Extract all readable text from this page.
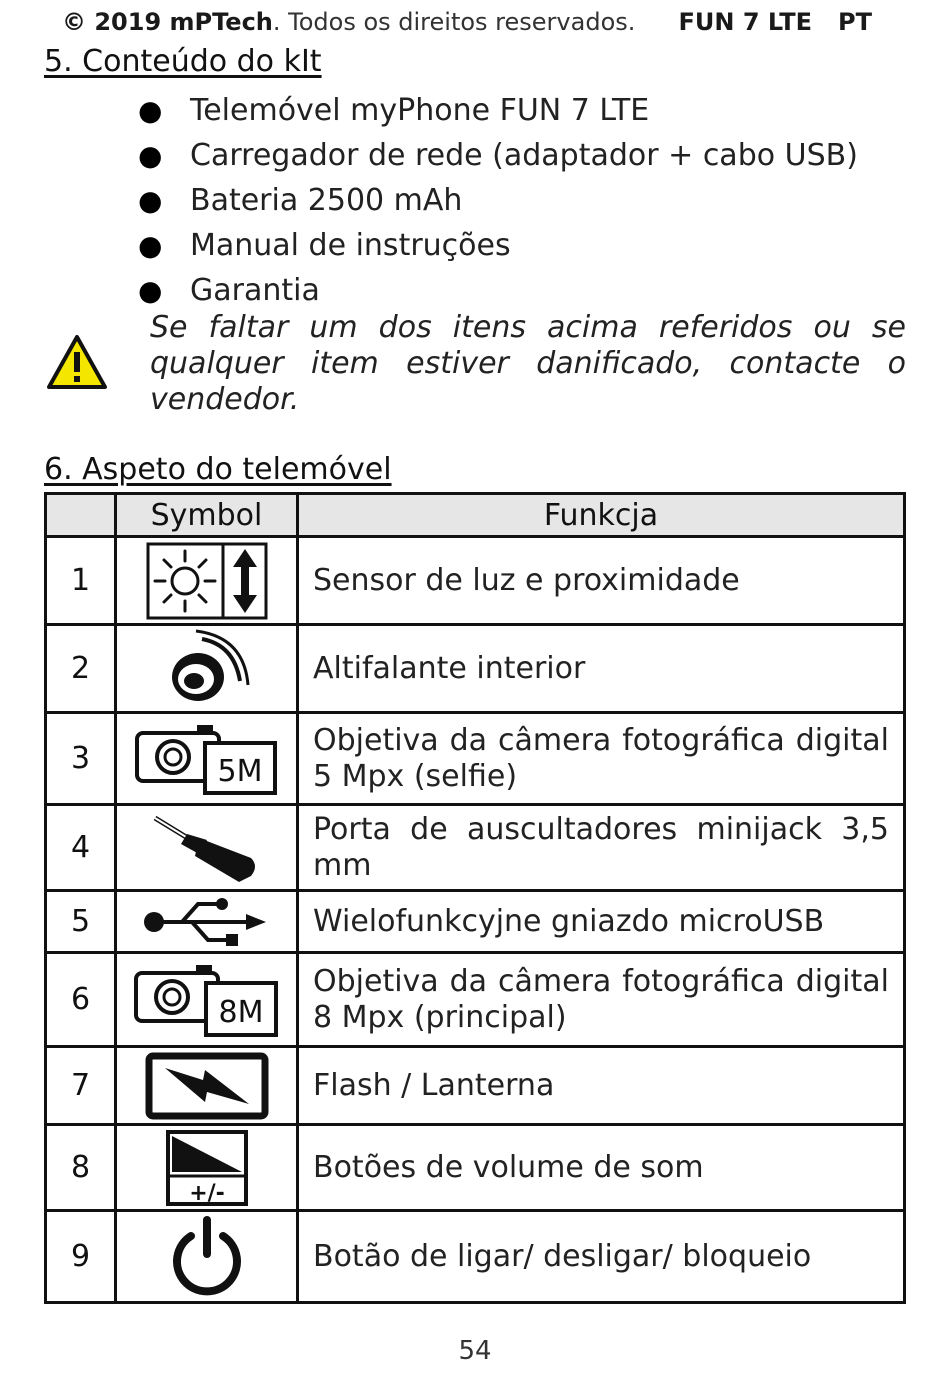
© 2019 mPTech. Todos os direitos reservados. FUN 7 LTE PT
5. Conteúdo do kIt
● Telemóvel myPhone FUN 7 LTE
● Carregador de rede (adaptador + cabo USB)
● Bateria 2500 mAh
● Manual de instruções
● Garantia
Se faltar um dos itens acima referidos ou se qualquer item estiver danificado, contacte o vendedor.
6. Aspeto do telemóvel
	Symbol	Funkcja
1		Sensor de luz e proximidade
2		Altifalante interior
3	5M	Objetiva da câmera fotográfica digital 5 Mpx (selfie)
4		Porta de auscultadores minijack 3,5 mm
5		Wielofunkcyjne gniazdo microUSB
6	8M	Objetiva da câmera fotográfica digital 8 Mpx (principal)
7		Flash / Lanterna
8	+/-	Botões de volume de som
9		Botão de ligar/ desligar/ bloqueio
54
